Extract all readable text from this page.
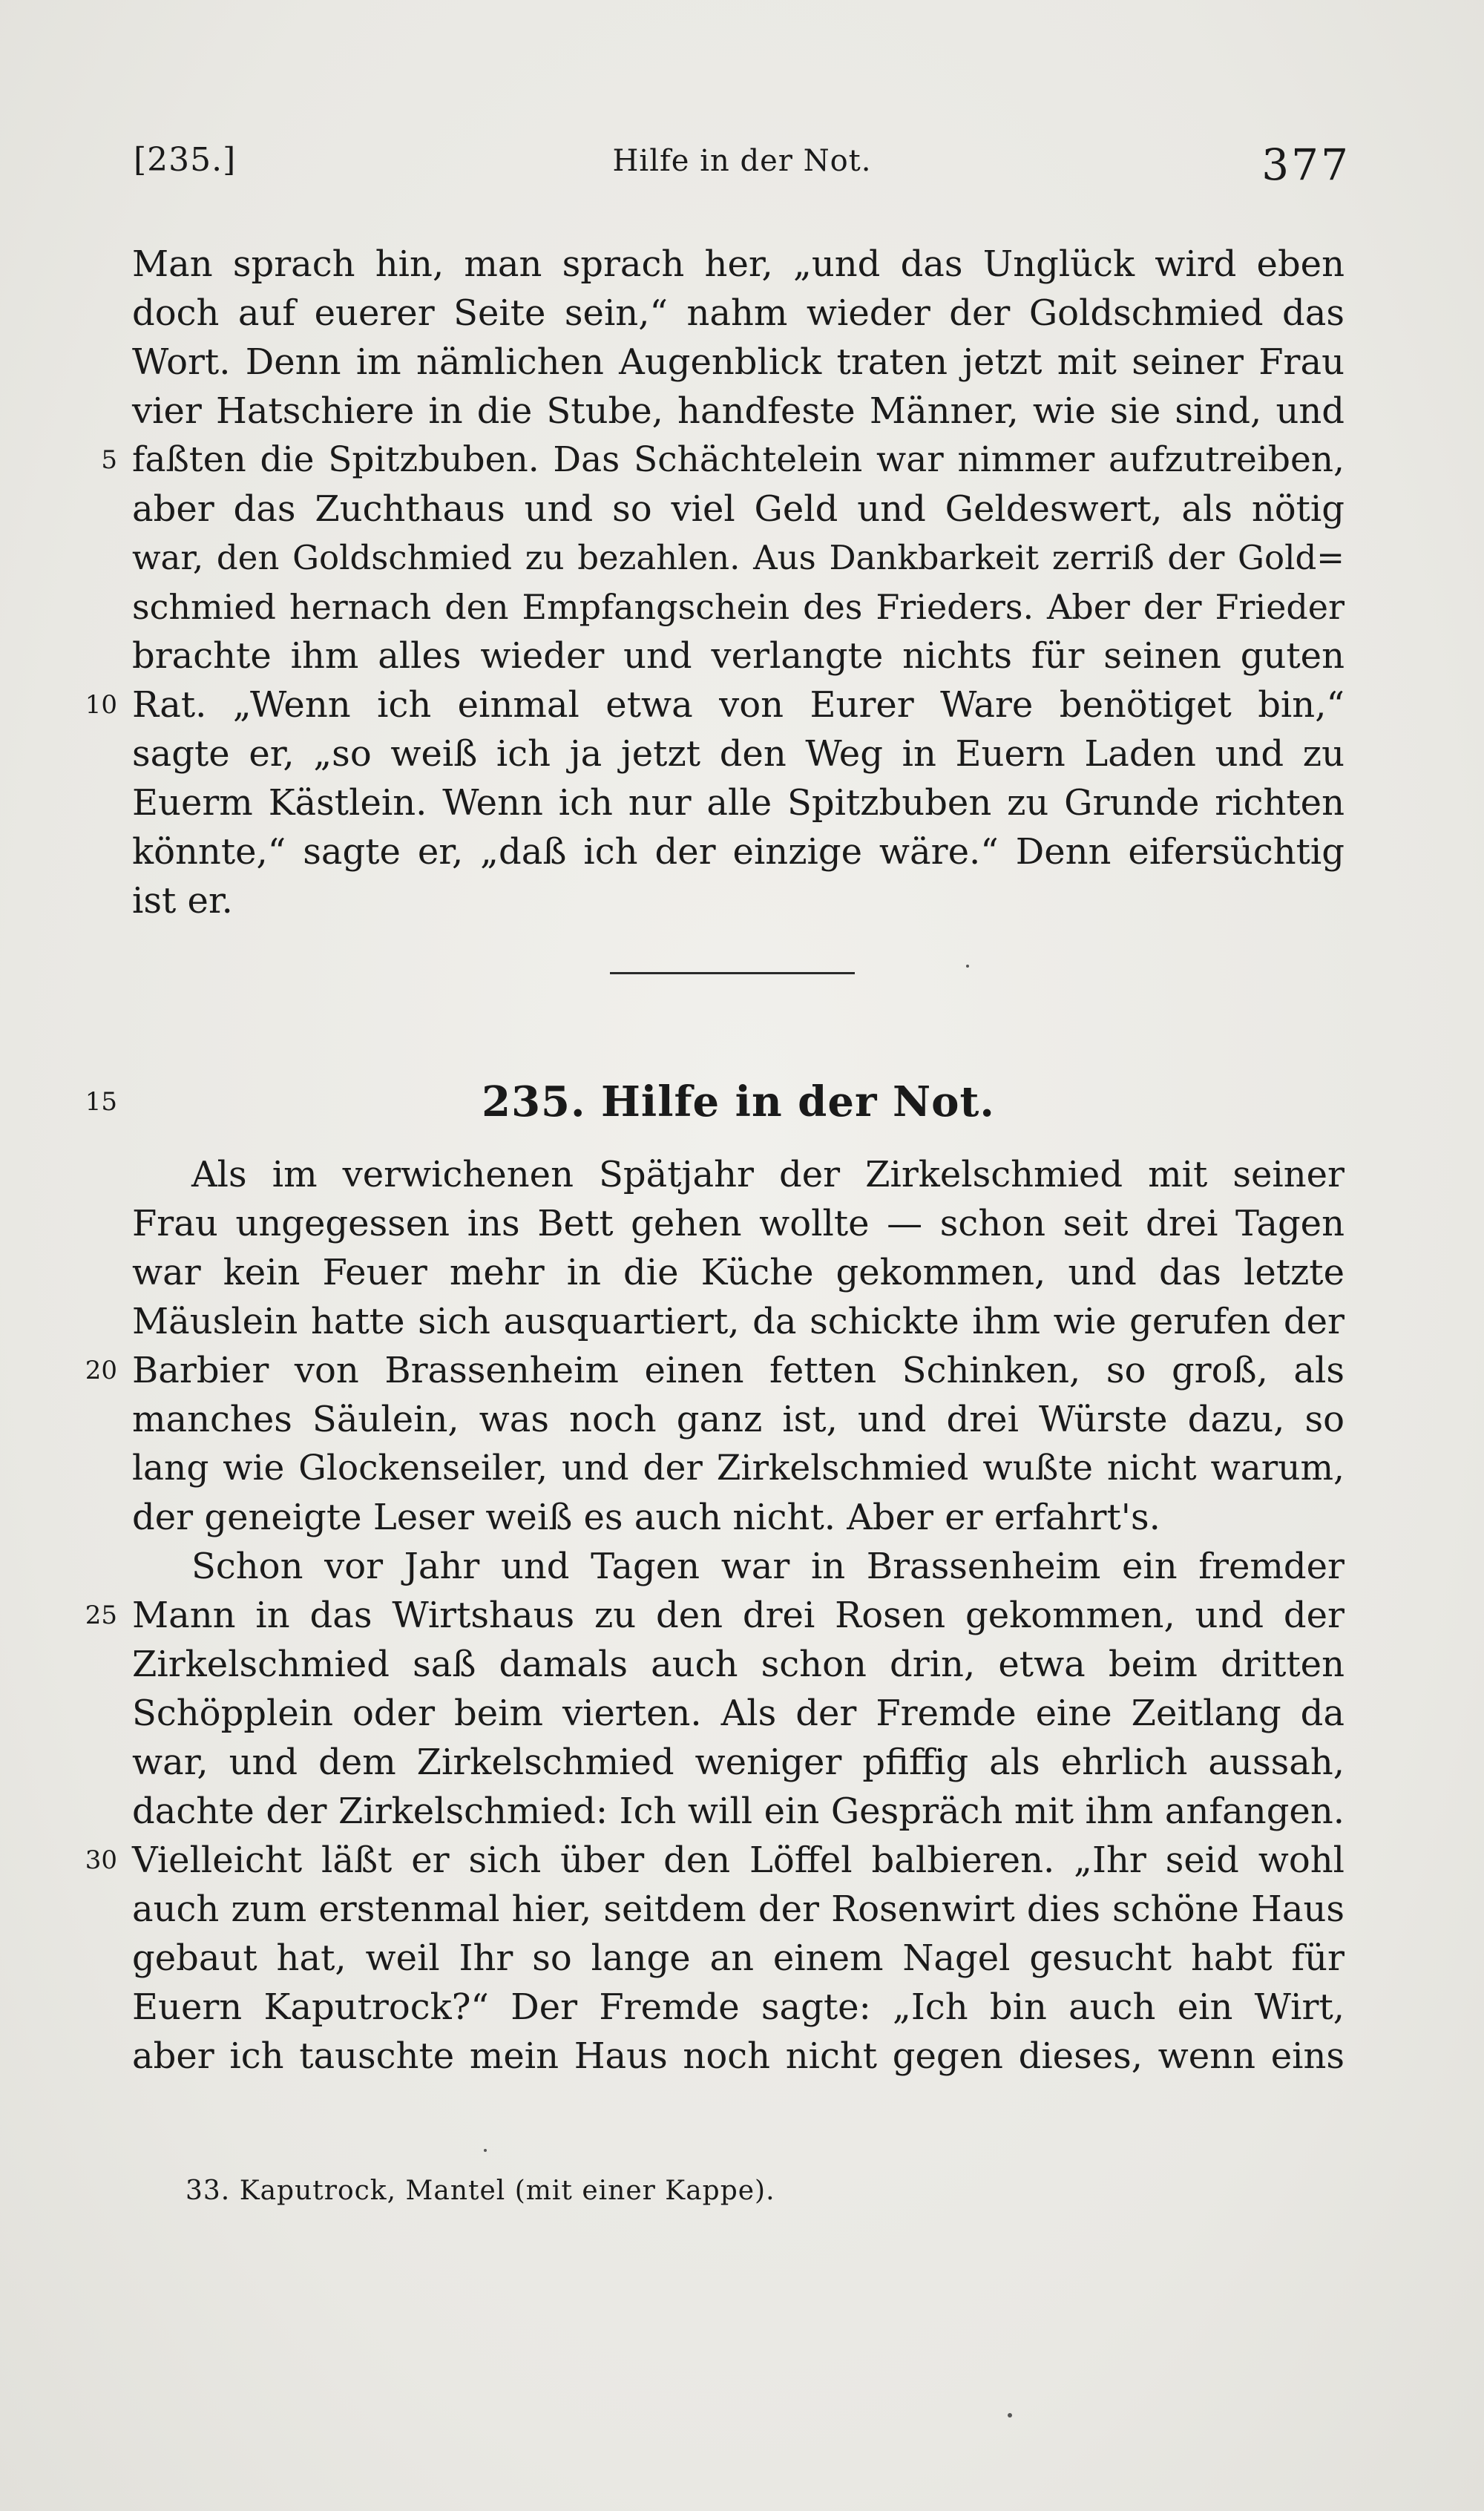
[235.]	Hilfe in der Not.	377
Man sprach hin, man sprach her, „und das Unglück wird eben
doch auf euerer Seite sein,“ nahm wieder der Goldschmied das
Wort. Denn im nämlichen Augenblick traten jetzt mit seiner Frau
vier Hatschiere in die Stube, handfeste Männer, wie sie sind, und
5 faßten die Spitzbuben. Das Schächtelein war nimmer aufzutreiben,
aber das Zuchthaus und so viel Geld und Geldeswert, als nötig
war, den Goldschmied zu bezahlen. Aus Dankbarkeit zerriß der Gold=
schmied hernach den Empfangschein des Frieders. Aber der Frieder
brachte ihm alles wieder und verlangte nichts für seinen guten
10 Rat. „Wenn ich einmal etwa von Eurer Ware benötiget bin,“
sagte er, „so weiß ich ja jetzt den Weg in Euern Laden und zu
Euerm Kästlein. Wenn ich nur alle Spitzbuben zu Grunde richten
könnte,“ sagte er, „daß ich der einzige wäre.“ Denn eifersüchtig
ist er.
15	235. Hilfe in der Not.
Als im verwichenen Spätjahr der Zirkelschmied mit seiner
Frau ungegessen ins Bett gehen wollte — schon seit drei Tagen
war kein Feuer mehr in die Küche gekommen, und das letzte
Mäuslein hatte sich ausquartiert, da schickte ihm wie gerufen der
20 Barbier von Brassenheim einen fetten Schinken, so groß, als
manches Säulein, was noch ganz ist, und drei Würste dazu, so
lang wie Glockenseiler, und der Zirkelschmied wußte nicht warum,
der geneigte Leser weiß es auch nicht. Aber er erfahrt's.
Schon vor Jahr und Tagen war in Brassenheim ein fremder
25 Mann in das Wirtshaus zu den drei Rosen gekommen, und der
Zirkelschmied saß damals auch schon drin, etwa beim dritten
Schöpplein oder beim vierten. Als der Fremde eine Zeitlang da
war, und dem Zirkelschmied weniger pfiffig als ehrlich aussah,
dachte der Zirkelschmied: Ich will ein Gespräch mit ihm anfangen.
30 Vielleicht läßt er sich über den Löffel balbieren. „Ihr seid wohl
auch zum erstenmal hier, seitdem der Rosenwirt dies schöne Haus
gebaut hat, weil Ihr so lange an einem Nagel gesucht habt für
Euern Kaputrock?“ Der Fremde sagte: „Ich bin auch ein Wirt,
aber ich tauschte mein Haus noch nicht gegen dieses, wenn eins
33. Kaputrock, Mantel (mit einer Kappe).
